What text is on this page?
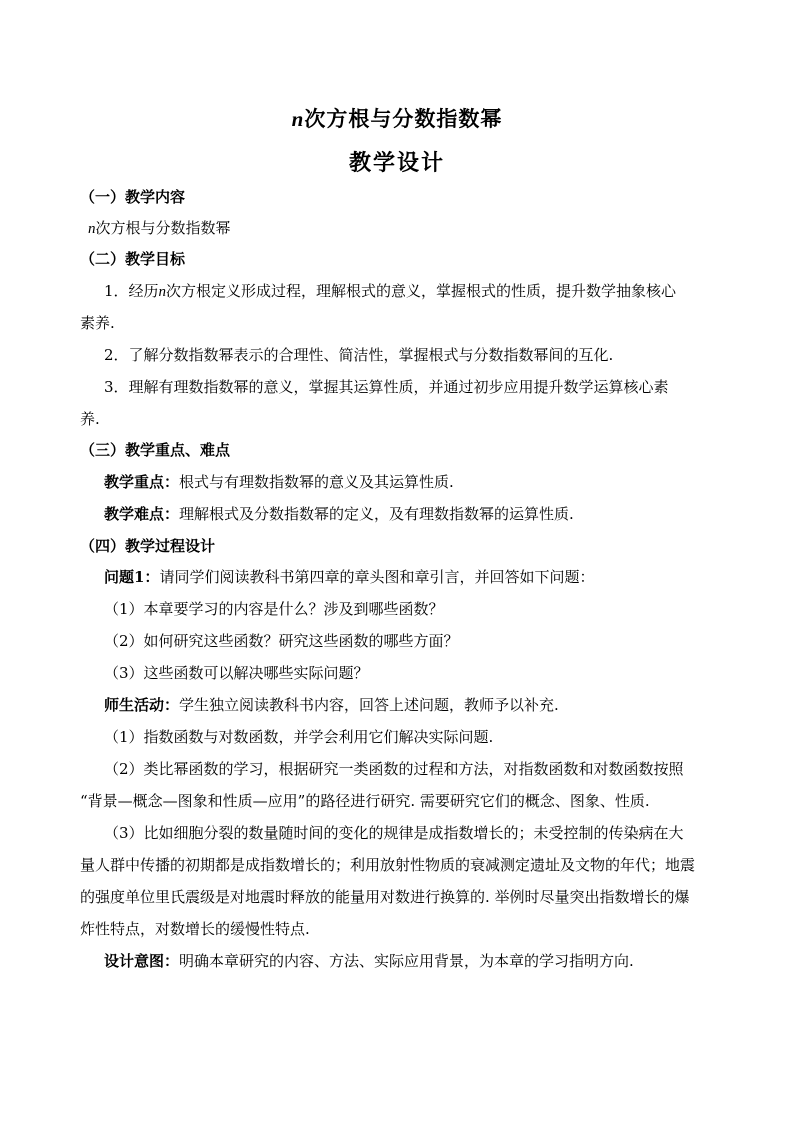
n次方根与分数指数幂
教学设计
（一）教学内容
n次方根与分数指数幂
（二）教学目标
1．经历n次方根定义形成过程，理解根式的意义，掌握根式的性质，提升数学抽象核心
素养.
2．了解分数指数幂表示的合理性、简洁性，掌握根式与分数指数幂间的互化.
3．理解有理数指数幂的意义，掌握其运算性质，并通过初步应用提升数学运算核心素
养.
（三）教学重点、难点
教学重点：根式与有理数指数幂的意义及其运算性质.
教学难点：理解根式及分数指数幂的定义，及有理数指数幂的运算性质.
（四）教学过程设计
问题1：请同学们阅读教科书第四章的章头图和章引言，并回答如下问题：
（1）本章要学习的内容是什么？涉及到哪些函数？
（2）如何研究这些函数？研究这些函数的哪些方面？
（3）这些函数可以解决哪些实际问题？
师生活动：学生独立阅读教科书内容，回答上述问题，教师予以补充.
（1）指数函数与对数函数，并学会利用它们解决实际问题.
（2）类比幂函数的学习，根据研究一类函数的过程和方法，对指数函数和对数函数按照
“背景—概念—图象和性质—应用”的路径进行研究. 需要研究它们的概念、图象、性质.
（3）比如细胞分裂的数量随时间的变化的规律是成指数增长的；未受控制的传染病在大
量人群中传播的初期都是成指数增长的；利用放射性物质的衰减测定遗址及文物的年代；地震
的强度单位里氏震级是对地震时释放的能量用对数进行换算的. 举例时尽量突出指数增长的爆
炸性特点，对数增长的缓慢性特点.
设计意图：明确本章研究的内容、方法、实际应用背景，为本章的学习指明方向.
